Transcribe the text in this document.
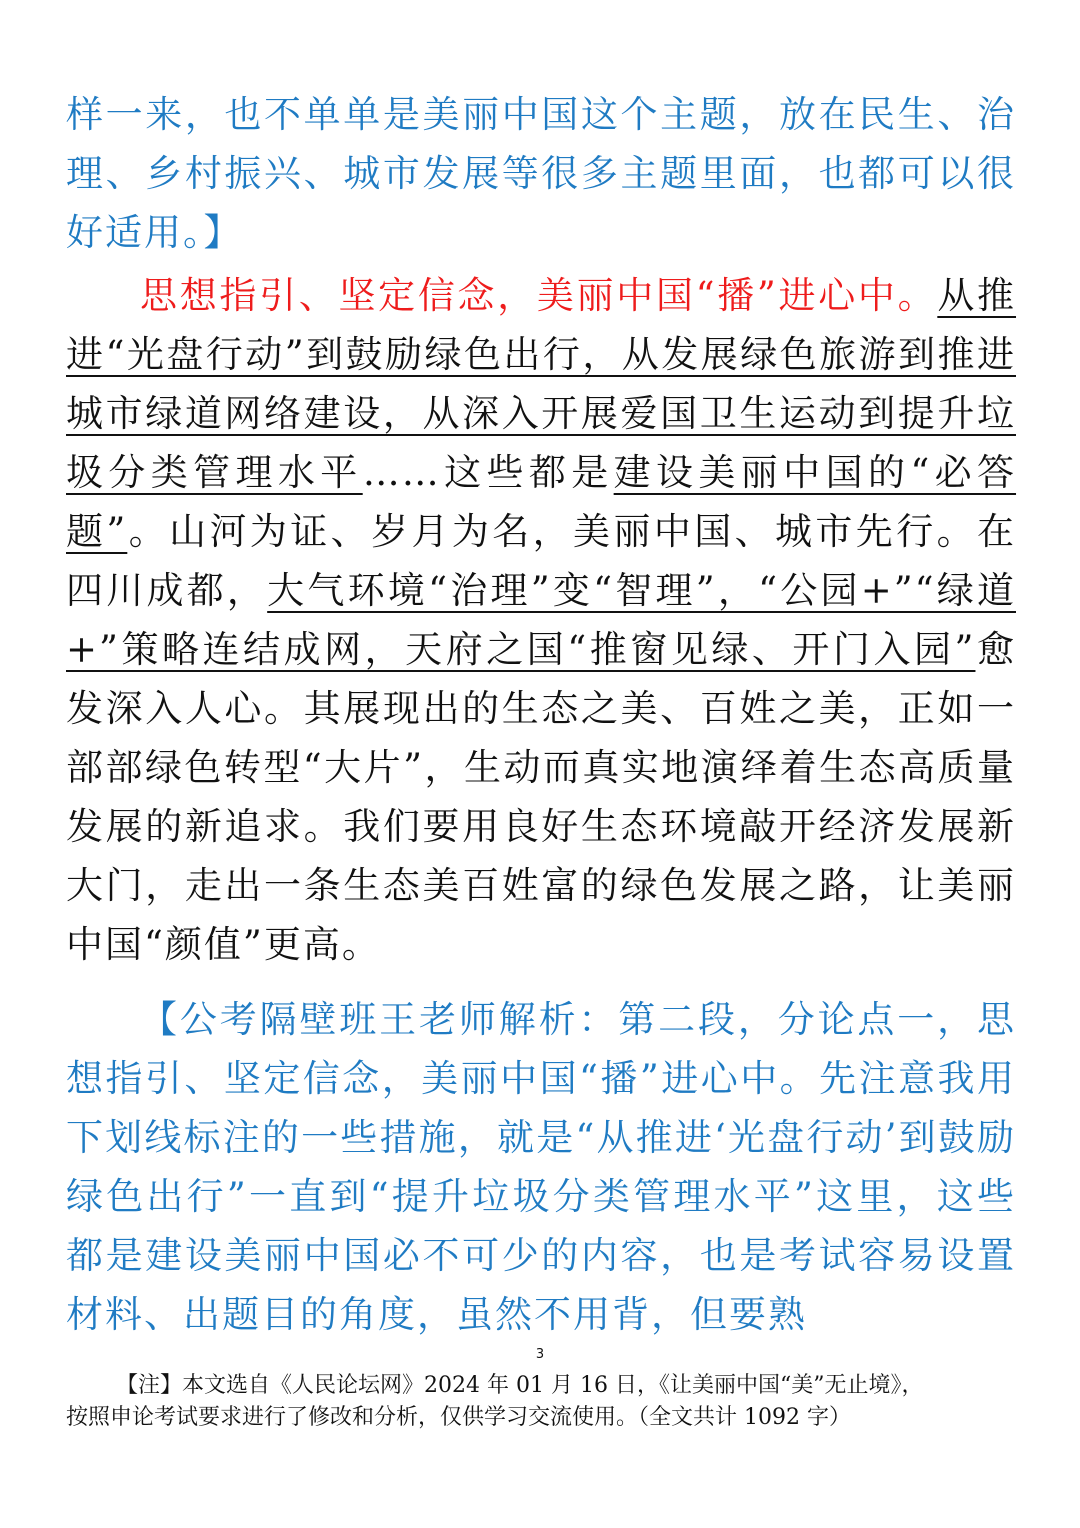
样一来，也不单单是美丽中国这个主题，放在民生、治理、乡村振兴、城市发展等很多主题里面，也都可以很好适用。】

思想指引、坚定信念，美丽中国“播”进心中。从推进“光盘行动”到鼓励绿色出行，从发展绿色旅游到推进城市绿道网络建设，从深入开展爱国卫生运动到提升垃圾分类管理水平……这些都是建设美丽中国的“必答题”。山河为证、岁月为名，美丽中国、城市先行。在四川成都，大气环境“治理”变“智理”，“公园+”“绿道+”策略连结成网，天府之国“推窗见绿、开门入园”愈发深入人心。其展现出的生态之美、百姓之美，正如一部部绿色转型“大片”，生动而真实地演绎着生态高质量发展的新追求。我们要用良好生态环境敲开经济发展新大门，走出一条生态美百姓富的绿色发展之路，让美丽中国“颜值”更高。

【公考隔壁班王老师解析：第二段，分论点一，思想指引、坚定信念，美丽中国“播”进心中。先注意我用下划线标注的一些措施，就是“从推进‘光盘行动’到鼓励绿色出行”一直到“提升垃圾分类管理水平”这里，这些都是建设美丽中国必不可少的内容，也是考试容易设置材料、出题目的角度，虽然不用背，但要熟

3

【注】本文选自《人民论坛网》2024 年 01 月 16 日，《让美丽中国“美”无止境》，
按照申论考试要求进行了修改和分析，仅供学习交流使用。（全文共计 1092 字）
